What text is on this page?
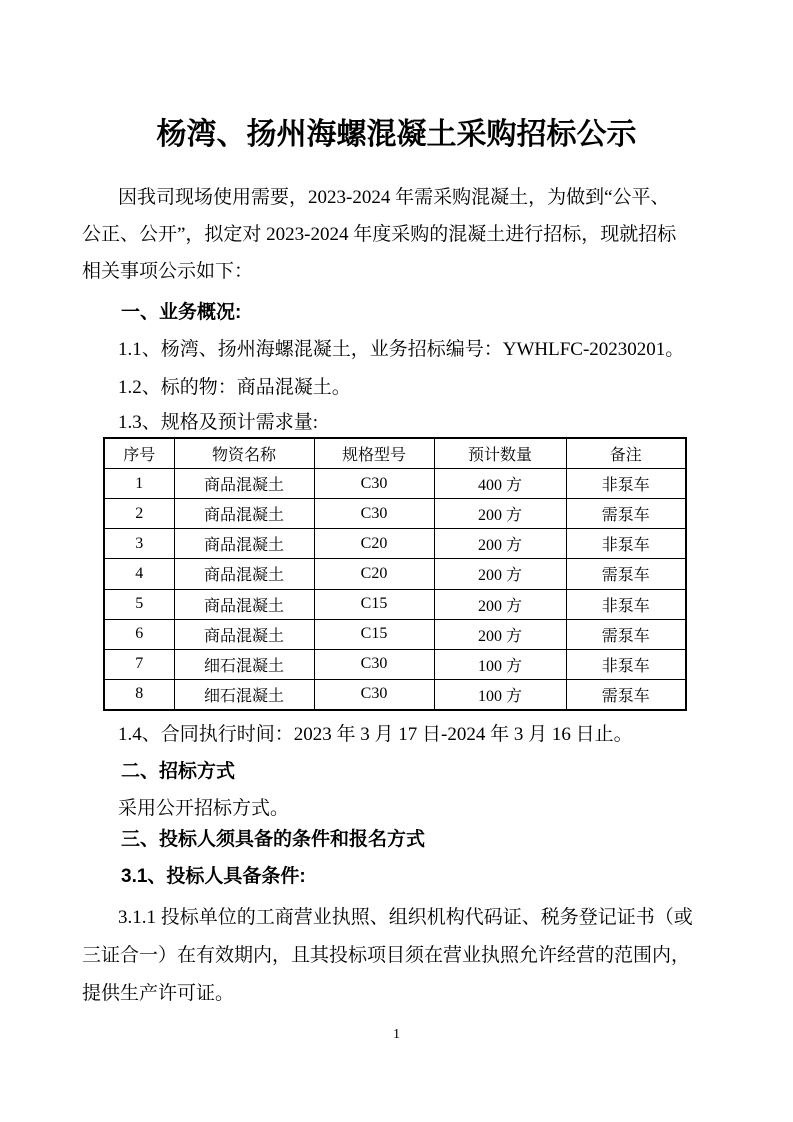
杨湾、扬州海螺混凝土采购招标公示
因我司现场使用需要，2023-2024 年需采购混凝土，为做到“公平、
公正、公开”，拟定对 2023-2024 年度采购的混凝土进行招标，现就招标
相关事项公示如下：
一、业务概况:
1.1、杨湾、扬州海螺混凝土，业务招标编号：YWHLFC-20230201。
1.2、标的物：商品混凝土。
1.3、规格及预计需求量:
序号	物资名称	规格型号	预计数量	备注
1	商品混凝土	C30	400 方	非泵车
2	商品混凝土	C30	200 方	需泵车
3	商品混凝土	C20	200 方	非泵车
4	商品混凝土	C20	200 方	需泵车
5	商品混凝土	C15	200 方	非泵车
6	商品混凝土	C15	200 方	需泵车
7	细石混凝土	C30	100 方	非泵车
8	细石混凝土	C30	100 方	需泵车
1.4、合同执行时间：2023 年 3 月 17 日-2024 年 3 月 16 日止。
二、招标方式
采用公开招标方式。
三、投标人须具备的条件和报名方式
3.1、投标人具备条件:
3.1.1 投标单位的工商营业执照、组织机构代码证、税务登记证书（或
三证合一）在有效期内，且其投标项目须在营业执照允许经营的范围内，
提供生产许可证。
1
